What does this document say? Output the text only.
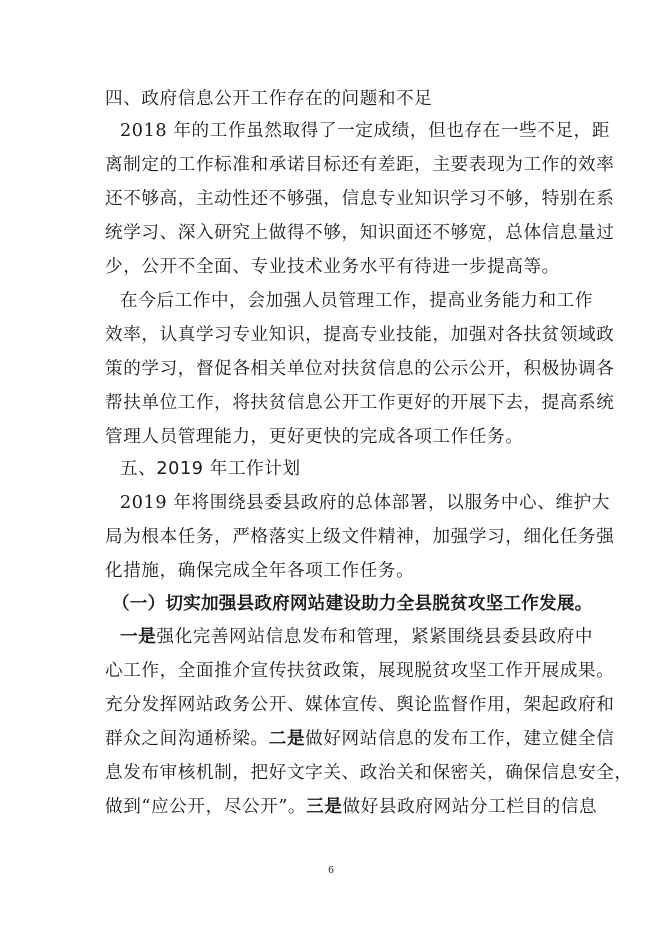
四、政府信息公开工作存在的问题和不足
2018 年的工作虽然取得了一定成绩，但也存在一些不足，距
离制定的工作标准和承诺目标还有差距，主要表现为工作的效率
还不够高，主动性还不够强，信息专业知识学习不够，特别在系
统学习、深入研究上做得不够，知识面还不够宽，总体信息量过
少，公开不全面、专业技术业务水平有待进一步提高等。
在今后工作中，会加强人员管理工作，提高业务能力和工作
效率，认真学习专业知识，提高专业技能，加强对各扶贫领域政
策的学习，督促各相关单位对扶贫信息的公示公开，积极协调各
帮扶单位工作，将扶贫信息公开工作更好的开展下去，提高系统
管理人员管理能力，更好更快的完成各项工作任务。
五、2019 年工作计划
2019 年将围绕县委县政府的总体部署，以服务中心、维护大
局为根本任务，严格落实上级文件精神，加强学习，细化任务强
化措施，确保完成全年各项工作任务。
（一）切实加强县政府网站建设助力全县脱贫攻坚工作发展。
一是强化完善网站信息发布和管理，紧紧围绕县委县政府中
心工作，全面推介宣传扶贫政策，展现脱贫攻坚工作开展成果。
充分发挥网站政务公开、媒体宣传、舆论监督作用，架起政府和
群众之间沟通桥梁。二是做好网站信息的发布工作，建立健全信
息发布审核机制，把好文字关、政治关和保密关，确保信息安全，
做到“应公开，尽公开”。三是做好县政府网站分工栏目的信息
6
